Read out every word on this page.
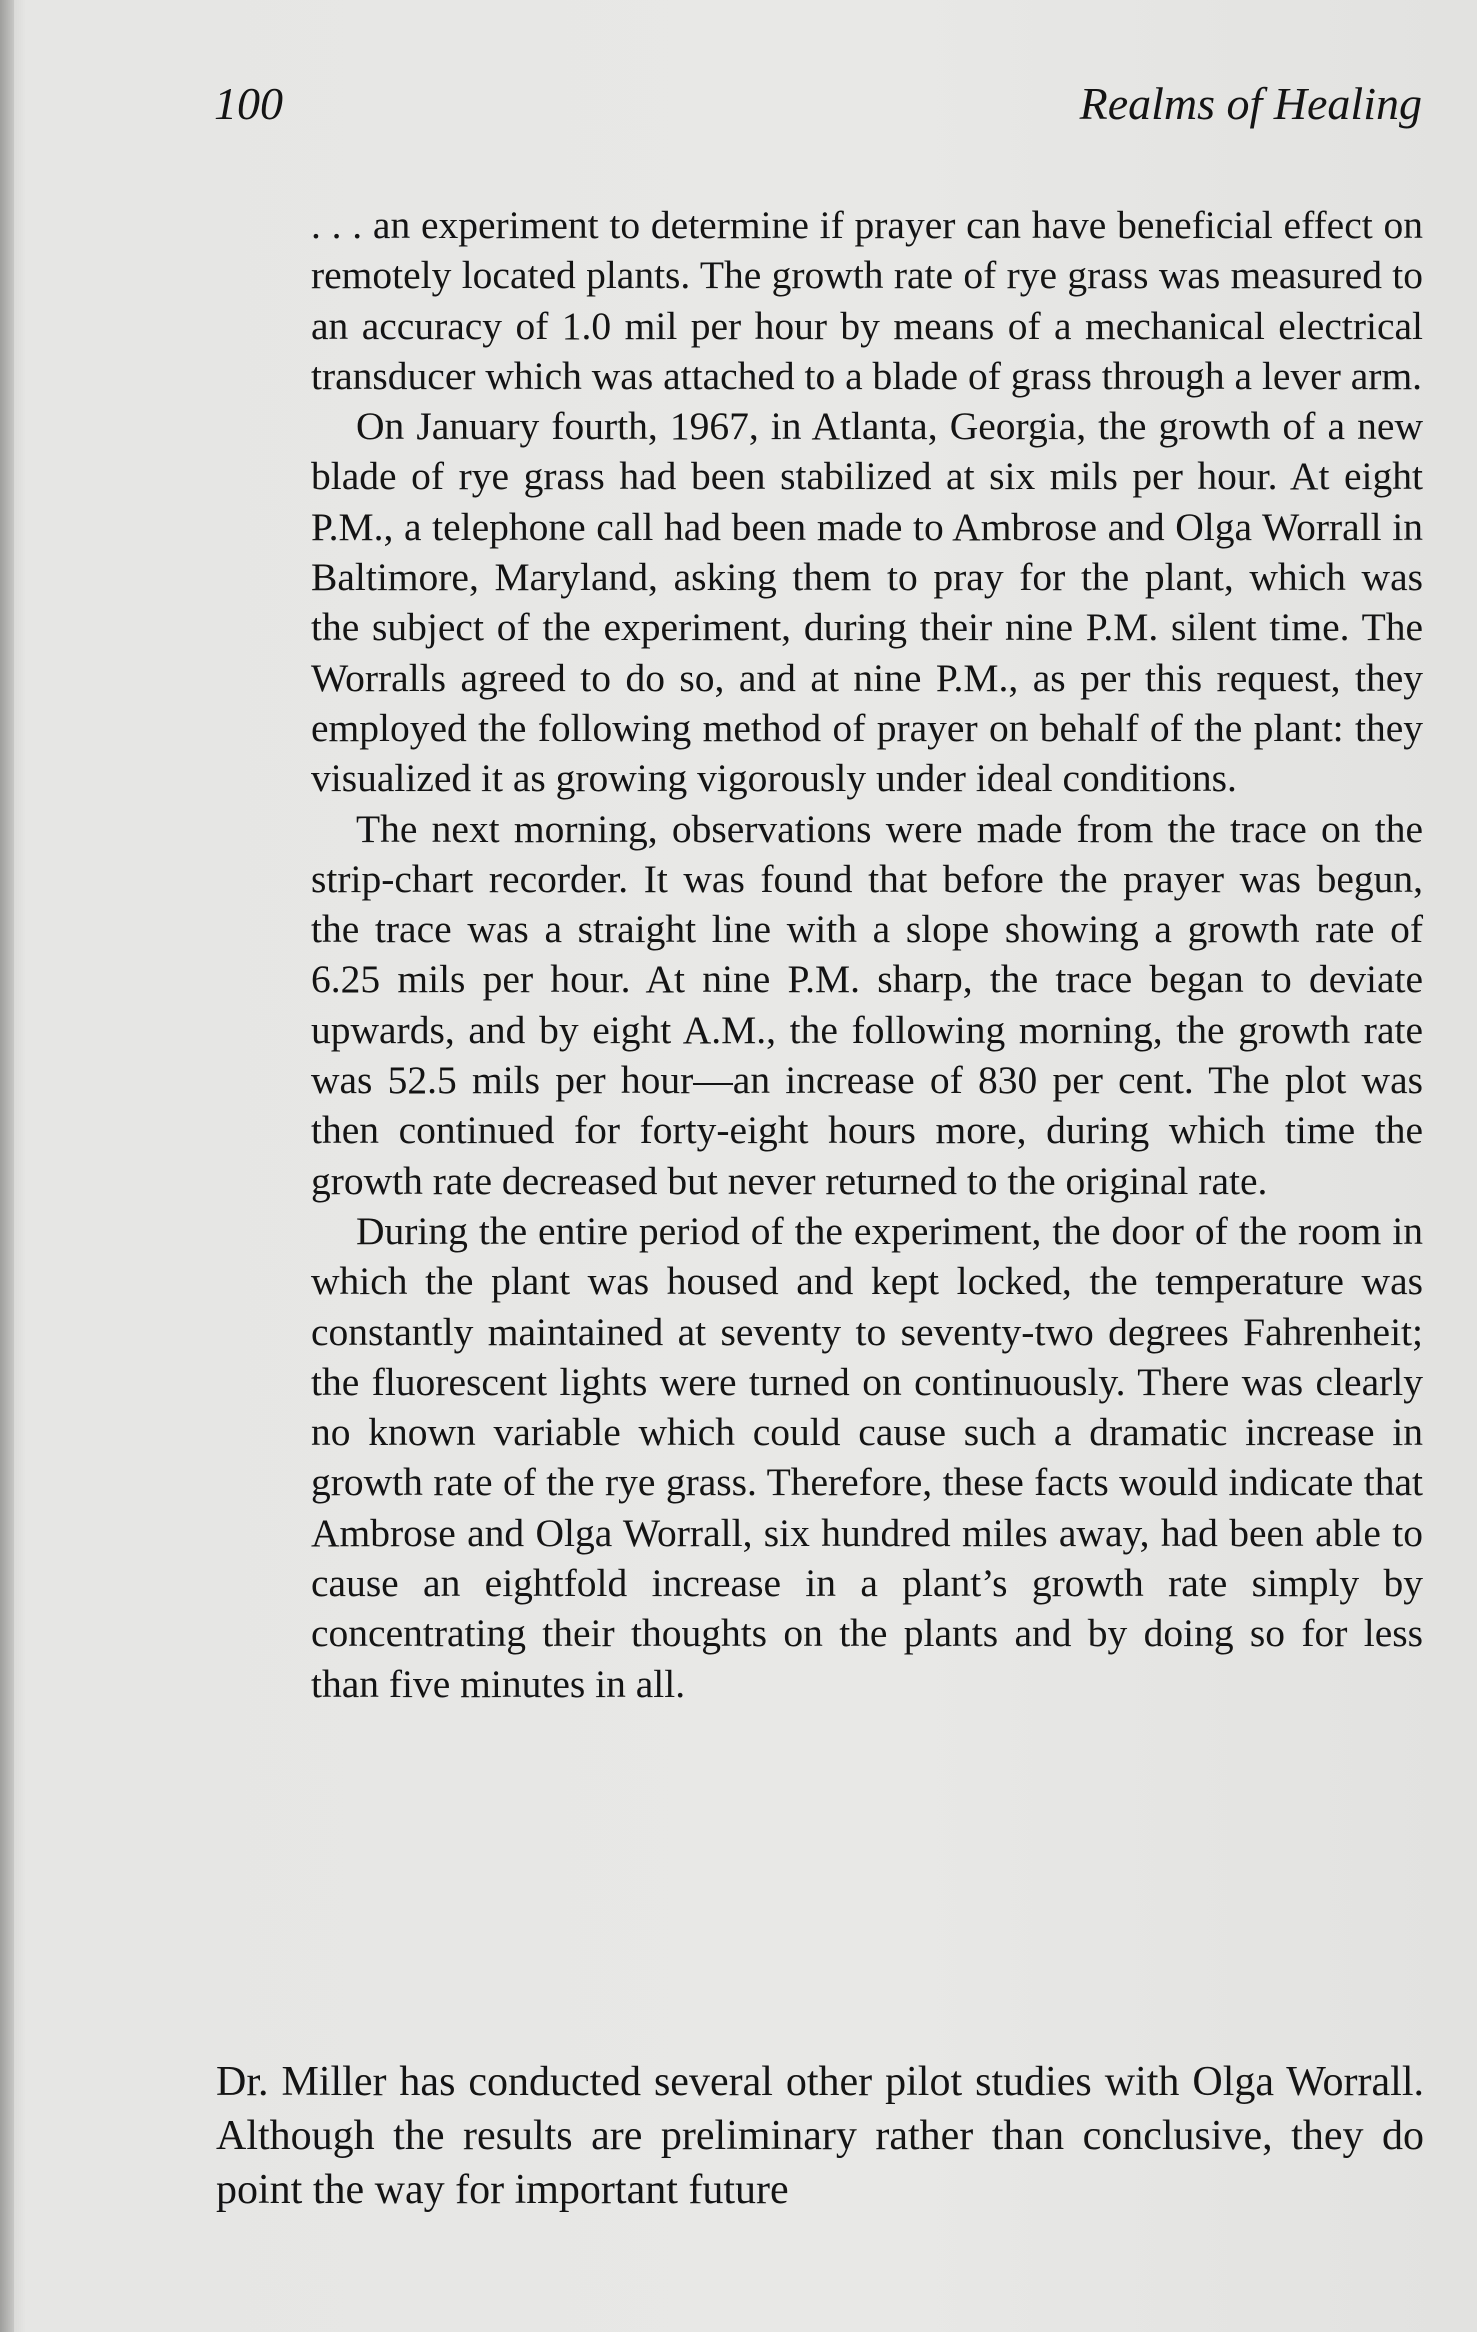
100	Realms of Healing

. . . an experiment to determine if prayer can have beneficial effect on remotely located plants. The growth rate of rye grass was measured to an accuracy of 1.0 mil per hour by means of a mechanical electrical transducer which was attached to a blade of grass through a lever arm.

On January fourth, 1967, in Atlanta, Georgia, the growth of a new blade of rye grass had been stabilized at six mils per hour. At eight P.M., a telephone call had been made to Ambrose and Olga Worrall in Baltimore, Maryland, asking them to pray for the plant, which was the subject of the experiment, during their nine P.M. silent time. The Worralls agreed to do so, and at nine P.M., as per this request, they employed the following method of prayer on behalf of the plant: they visualized it as growing vigorously under ideal conditions.

The next morning, observations were made from the trace on the strip-chart recorder. It was found that before the prayer was begun, the trace was a straight line with a slope showing a growth rate of 6.25 mils per hour. At nine P.M. sharp, the trace began to deviate upwards, and by eight A.M., the following morning, the growth rate was 52.5 mils per hour—an increase of 830 per cent. The plot was then continued for forty-eight hours more, during which time the growth rate decreased but never returned to the original rate.

During the entire period of the experiment, the door of the room in which the plant was housed and kept locked, the temperature was constantly maintained at seventy to seventy-two degrees Fahrenheit; the fluorescent lights were turned on continuously. There was clearly no known variable which could cause such a dramatic increase in growth rate of the rye grass. Therefore, these facts would indicate that Ambrose and Olga Worrall, six hundred miles away, had been able to cause an eightfold increase in a plant’s growth rate simply by concentrating their thoughts on the plants and by doing so for less than five minutes in all.

Dr. Miller has conducted several other pilot studies with Olga Worrall. Although the results are preliminary rather than conclusive, they do point the way for important future
